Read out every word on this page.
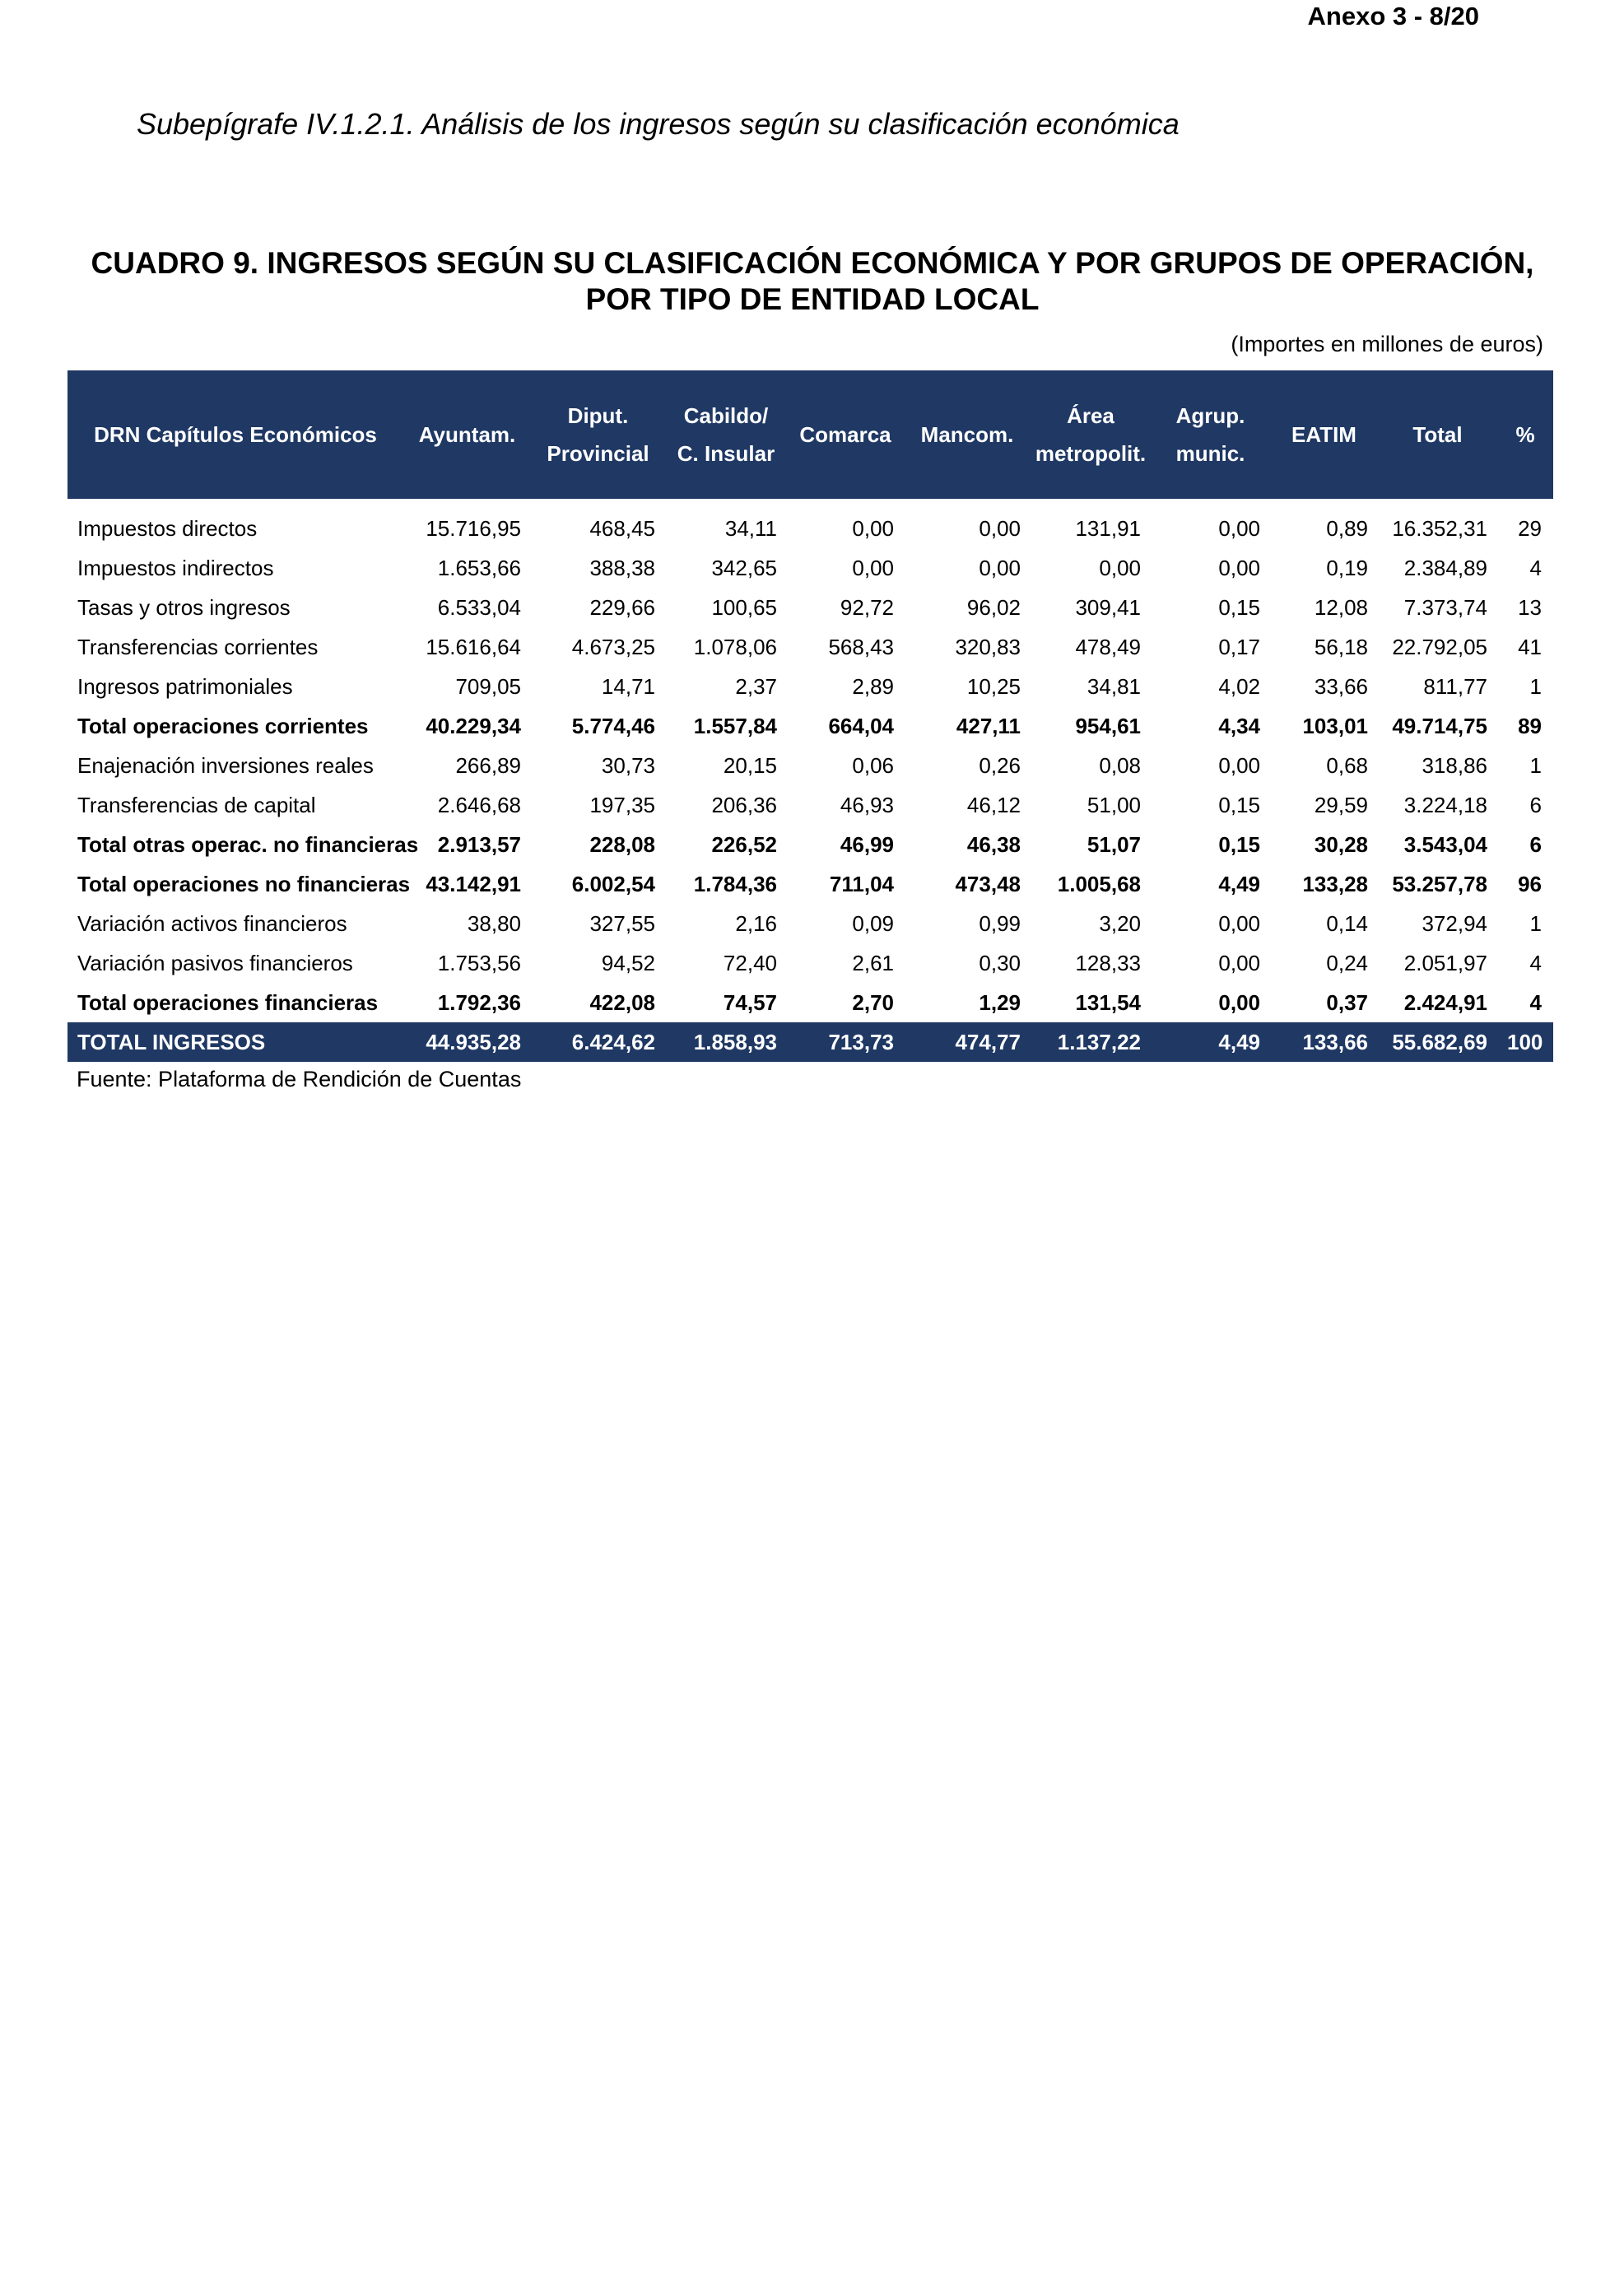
Anexo 3 - 8/20
Subepígrafe IV.1.2.1. Análisis de los ingresos según su clasificación económica
CUADRO 9. INGRESOS SEGÚN SU CLASIFICACIÓN ECONÓMICA Y POR GRUPOS DE OPERACIÓN,
POR TIPO DE ENTIDAD LOCAL
(Importes en millones de euros)
DRN Capítulos Económicos	Ayuntam.	Diput.
Provincial	Cabildo/
C. Insular	Comarca	Mancom.	Área
metropolit.	Agrup.
munic.	EATIM	Total	%

Impuestos directos	15.716,95	468,45	34,11	0,00	0,00	131,91	0,00	0,89	16.352,31	29
Impuestos indirectos	1.653,66	388,38	342,65	0,00	0,00	0,00	0,00	0,19	2.384,89	4
Tasas y otros ingresos	6.533,04	229,66	100,65	92,72	96,02	309,41	0,15	12,08	7.373,74	13
Transferencias corrientes	15.616,64	4.673,25	1.078,06	568,43	320,83	478,49	0,17	56,18	22.792,05	41
Ingresos patrimoniales	709,05	14,71	2,37	2,89	10,25	34,81	4,02	33,66	811,77	1
Total operaciones corrientes	40.229,34	5.774,46	1.557,84	664,04	427,11	954,61	4,34	103,01	49.714,75	89
Enajenación inversiones reales	266,89	30,73	20,15	0,06	0,26	0,08	0,00	0,68	318,86	1
Transferencias de capital	2.646,68	197,35	206,36	46,93	46,12	51,00	0,15	29,59	3.224,18	6
Total otras operac. no financieras	2.913,57	228,08	226,52	46,99	46,38	51,07	0,15	30,28	3.543,04	6
Total operaciones no financieras	43.142,91	6.002,54	1.784,36	711,04	473,48	1.005,68	4,49	133,28	53.257,78	96
Variación activos financieros	38,80	327,55	2,16	0,09	0,99	3,20	0,00	0,14	372,94	1
Variación pasivos financieros	1.753,56	94,52	72,40	2,61	0,30	128,33	0,00	0,24	2.051,97	4
Total operaciones financieras	1.792,36	422,08	74,57	2,70	1,29	131,54	0,00	0,37	2.424,91	4
TOTAL INGRESOS	44.935,28	6.424,62	1.858,93	713,73	474,77	1.137,22	4,49	133,66	55.682,69	100
Fuente: Plataforma de Rendición de Cuentas
